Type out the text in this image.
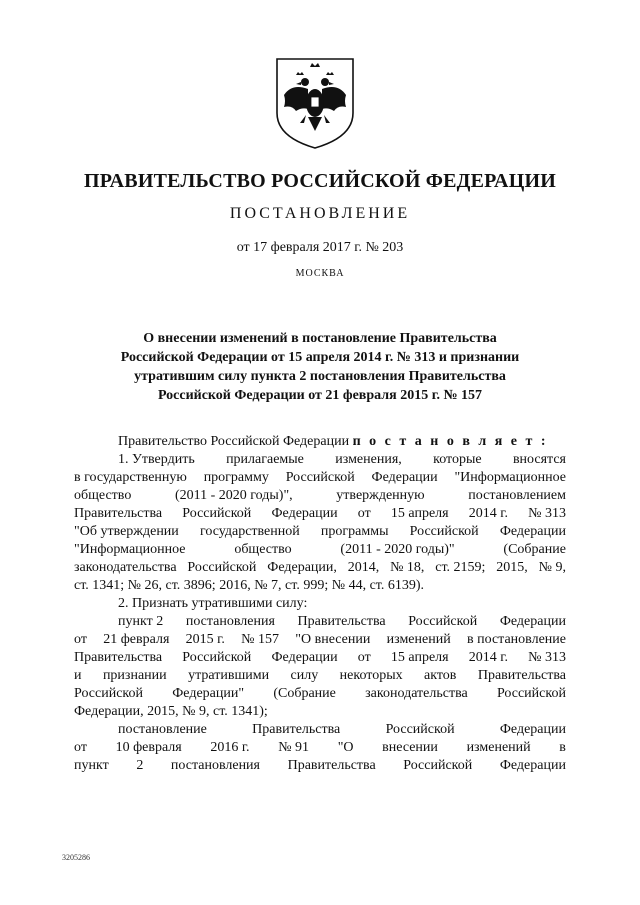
ПРАВИТЕЛЬСТВО РОССИЙСКОЙ ФЕДЕРАЦИИ
ПОСТАНОВЛЕНИЕ
от 17 февраля 2017 г. № 203
МОСКВА
О внесении изменений в постановление Правительства
Российской Федерации от 15 апреля 2014 г. № 313 и признании
утратившим силу пункта 2 постановления Правительства
Российской Федерации от 21 февраля 2015 г. № 157
Правительство Российской Федерации
п о с т а н о в л я е т :
1. Утвердить прилагаемые изменения, которые вносятся
в государственную программу Российской Федерации "Информационное
общество	(2011 - 2020 годы)",	утвержденную	постановлением
Правительства Российской Федерации от 15 апреля 2014 г. № 313
"Об утверждении государственной программы Российской Федерации
"Информационное	общество	(2011 - 2020 годы)"	(Собрание
законодательства Российской Федерации, 2014, № 18, ст. 2159; 2015, № 9,
ст. 1341; № 26, ст. 3896; 2016, № 7, ст. 999; № 44, ст. 6139).
2. Признать утратившими силу:
пункт 2 постановления Правительства Российской Федерации
от 21 февраля 2015 г. № 157 "О внесении изменений в постановление
Правительства Российской Федерации от 15 апреля 2014 г. № 313
и признании утратившими силу некоторых актов Правительства
Российской Федерации" (Собрание законодательства Российской
Федерации, 2015, № 9, ст. 1341);
постановление	Правительства	Российской	Федерации
от 10 февраля 2016 г. № 91 "О внесении изменений в
пункт 2 постановления Правительства Российской Федерации
3205286
